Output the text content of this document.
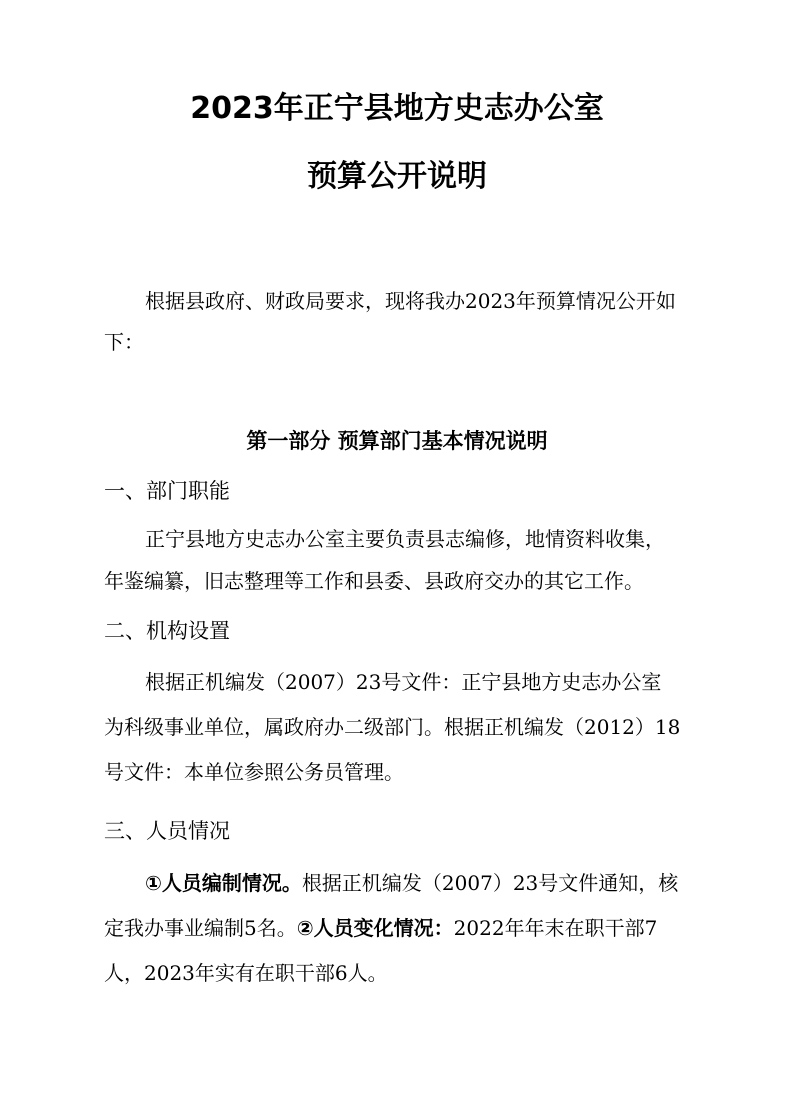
2023年正宁县地方史志办公室
预算公开说明
根据县政府、财政局要求，现将我办2023年预算情况公开如
下：
第一部分 预算部门基本情况说明
一、部门职能
正宁县地方史志办公室主要负责县志编修，地情资料收集，
年鉴编纂，旧志整理等工作和县委、县政府交办的其它工作。
二、机构设置
根据正机编发（2007）23号文件：正宁县地方史志办公室
为科级事业单位，属政府办二级部门。根据正机编发（2012）18
号文件：本单位参照公务员管理。
三、人员情况
①人员编制情况。根据正机编发（2007）23号文件通知，核
定我办事业编制5名。②人员变化情况：2022年年末在职干部7
人，2023年实有在职干部6人。
